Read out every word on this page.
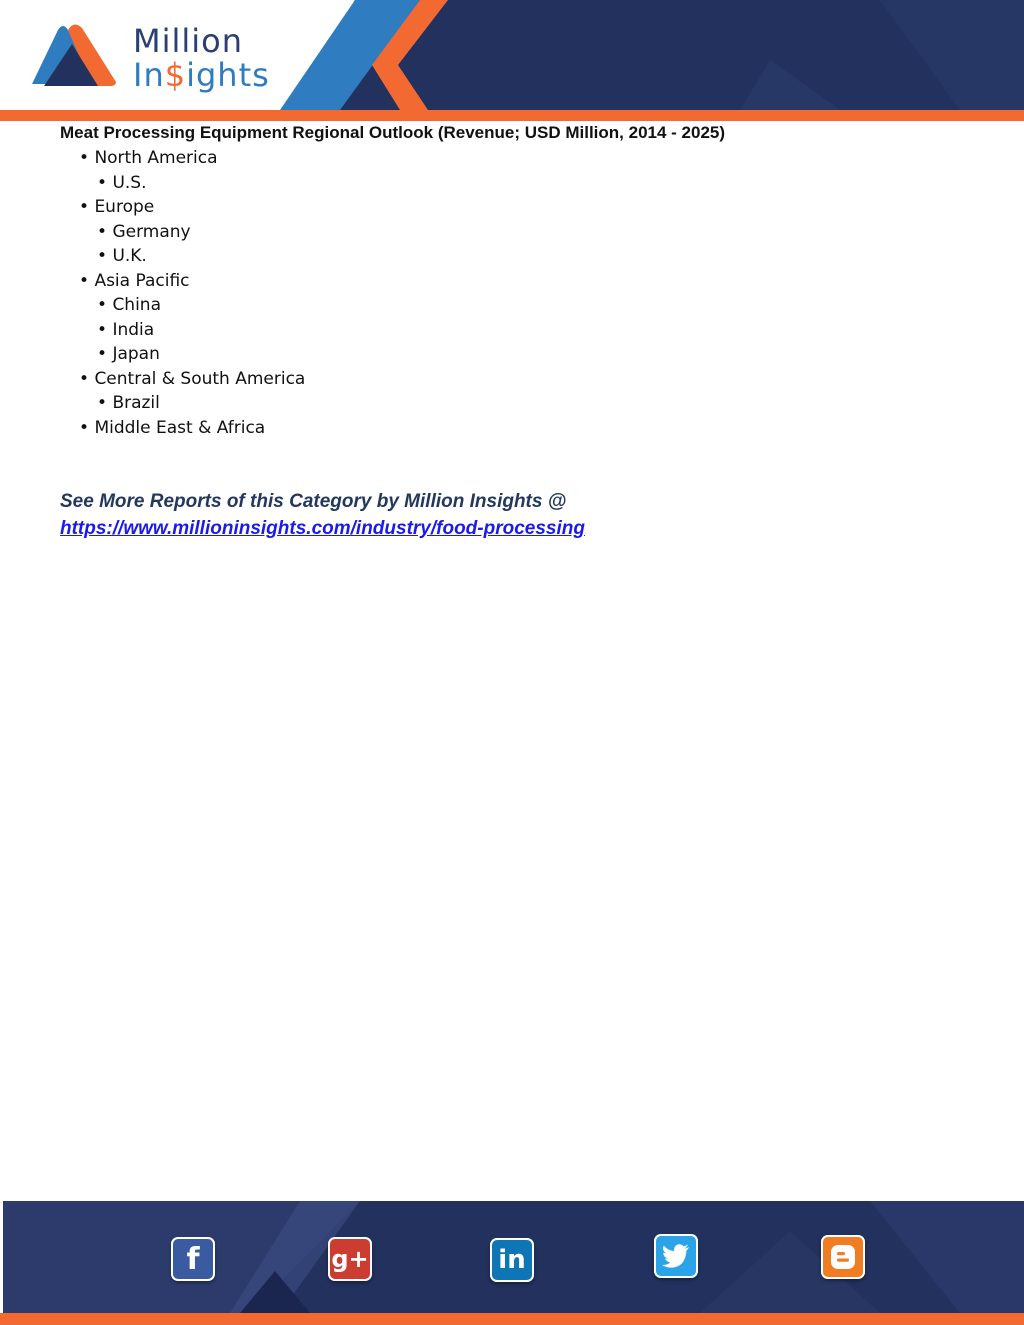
Million
In$ights
Meat Processing Equipment Regional Outlook (Revenue; USD Million, 2014 - 2025)
• North America
• U.S.
• Europe
• Germany
• U.K.
• Asia Pacific
• China
• India
• Japan
• Central & South America
• Brazil
• Middle East & Africa
See More Reports of this Category by Million Insights @
https://www.millioninsights.com/industry/food-processing
f	g+	in
